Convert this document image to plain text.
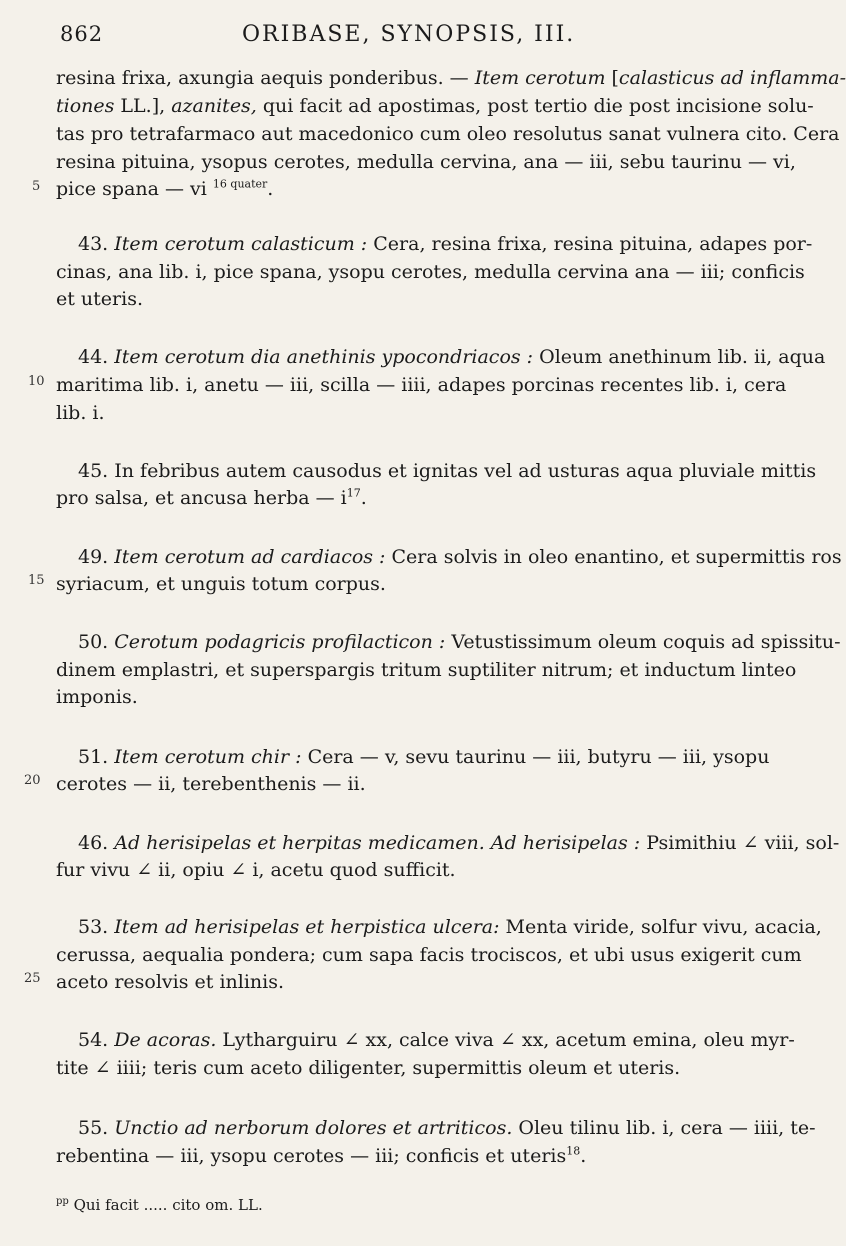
862	ORIBASE, SYNOPSIS, III.
5
10
15
20
25
resina frixa, axungia aequis ponderibus. — Item cerotum [calasticus ad inflamma-
tiones LL.], azanites, qui facit ad apostimas, post tertio die post incisione solu-
tas pro tetrafarmaco aut macedonico cum oleo resolutus sanat vulnera cito. Cera
resina pituina, ysopus cerotes, medulla cervina, ana — iii, sebu taurinu — vi,
pice spana — vi $^{16 quater}$.
43. Item cerotum calasticum : Cera, resina frixa, resina pituina, adapes por-
cinas, ana lib. i, pice spana, ysopu cerotes, medulla cervina ana — iii; conficis
et uteris.
44. Item cerotum dia anethinis ypocondriacos : Oleum anethinum lib. ii, aqua
maritima lib. i, anetu — iii, scilla — iiii, adapes porcinas recentes lib. i, cera
lib. i.
45. In febribus autem causodus et ignitas vel ad usturas aqua pluviale mittis
pro salsa, et ancusa herba — $i^{17}$.
49. Item cerotum ad cardiacos : Cera solvis in oleo enantino, et supermittis ros
syriacum, et unguis totum corpus.
50. Cerotum podagricis profilacticon : Vetustissimum oleum coquis ad spissitu-
dinem emplastri, et superspargis tritum suptiliter nitrum; et inductum linteo
imponis.
51. Item cerotum chir : Cera — v, sevu taurinu — iii, butyru — iii, ysopu
cerotes — ii, terebenthenis — ii.
46. Ad herisipelas et herpitas medicamen. Ad herisipelas : Psimithiu ∠ viii, sol-
fur vivu ∠ ii, opiu ∠ i, acetu quod sufficit.
53. Item ad herisipelas et herpistica ulcera: Menta viride, solfur vivu, acacia,
cerussa, aequalia pondera; cum sapa facis trociscos, et ubi usus exigerit cum
aceto resolvis et inlinis.
54. De acoras. Lytharguiru ∠ xx, calce viva ∠ xx, acetum emina, oleu myr-
tite ∠ iiii; teris cum aceto diligenter, supermittis oleum et uteris.
55. Unctio ad nerborum dolores et artriticos. Oleu tilinu lib. i, cera — iiii, te-
rebentina — iii, ysopu cerotes — iii; conficis et uteris$^{18}$.
$^{pp}$ Qui facit ..... cito om. LL.
